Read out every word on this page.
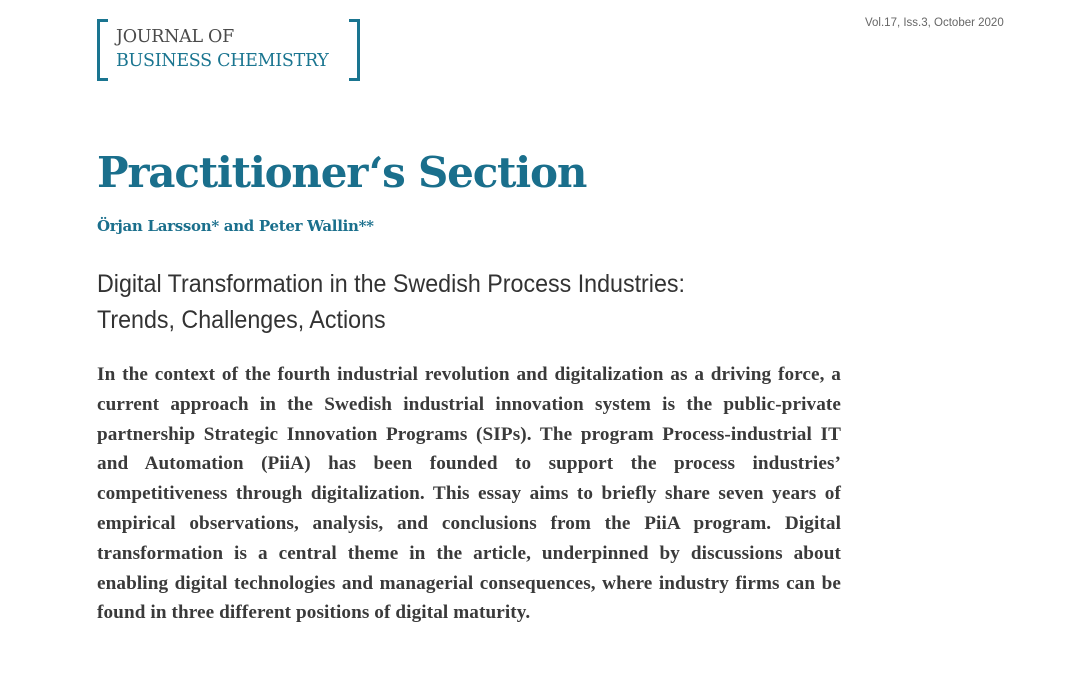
JOURNAL OF
BUSINESS CHEMISTRY
Vol.17, Iss.3, October 2020
Practitioner‘s Section
Örjan Larsson* and Peter Wallin**
Digital Transformation in the Swedish Process Industries:
Trends, Challenges, Actions

In the context of the fourth industrial revolution and digitalization as a driving force, a current approach in the Swedish industrial innovation system is the public-private partnership Strategic Innovation Programs (SIPs). The program Process-industrial IT and Automation (PiiA) has been founded to support the process industries’ competitiveness through digitalization. This essay aims to briefly share seven years of empirical observations, analysis, and conclusions from the PiiA program. Digital transformation is a central theme in the article, underpinned by discussions about enabling digital technologies and managerial consequences, where industry firms can be found in three different positions of digital maturity.
